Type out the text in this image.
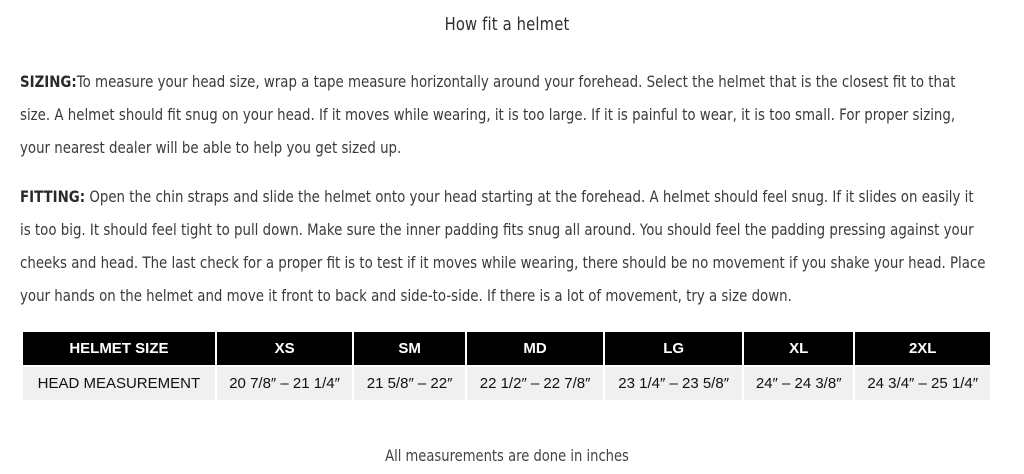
How fit a helmet
SIZING:To measure your head size, wrap a tape measure horizontally around your forehead. Select the helmet that is the closest fit to that size. A helmet should fit snug on your head. If it moves while wearing, it is too large. If it is painful to wear, it is too small. For proper sizing, your nearest dealer will be able to help you get sized up.
FITTING: Open the chin straps and slide the helmet onto your head starting at the forehead. A helmet should feel snug. If it slides on easily it is too big. It should feel tight to pull down. Make sure the inner padding fits snug all around. You should feel the padding pressing against your cheeks and head. The last check for a proper fit is to test if it moves while wearing, there should be no movement if you shake your head. Place your hands on the helmet and move it front to back and side-to-side. If there is a lot of movement, try a size down.
HELMET SIZE	XS	SM	MD	LG	XL	2XL
HEAD MEASUREMENT	20 7/8″ – 21 1/4″	21 5/8″ – 22″	22 1/2″ – 22 7/8″	23 1/4″ – 23 5/8″	24″ – 24 3/8″	24 3/4″ – 25 1/4″
All measurements are done in inches
